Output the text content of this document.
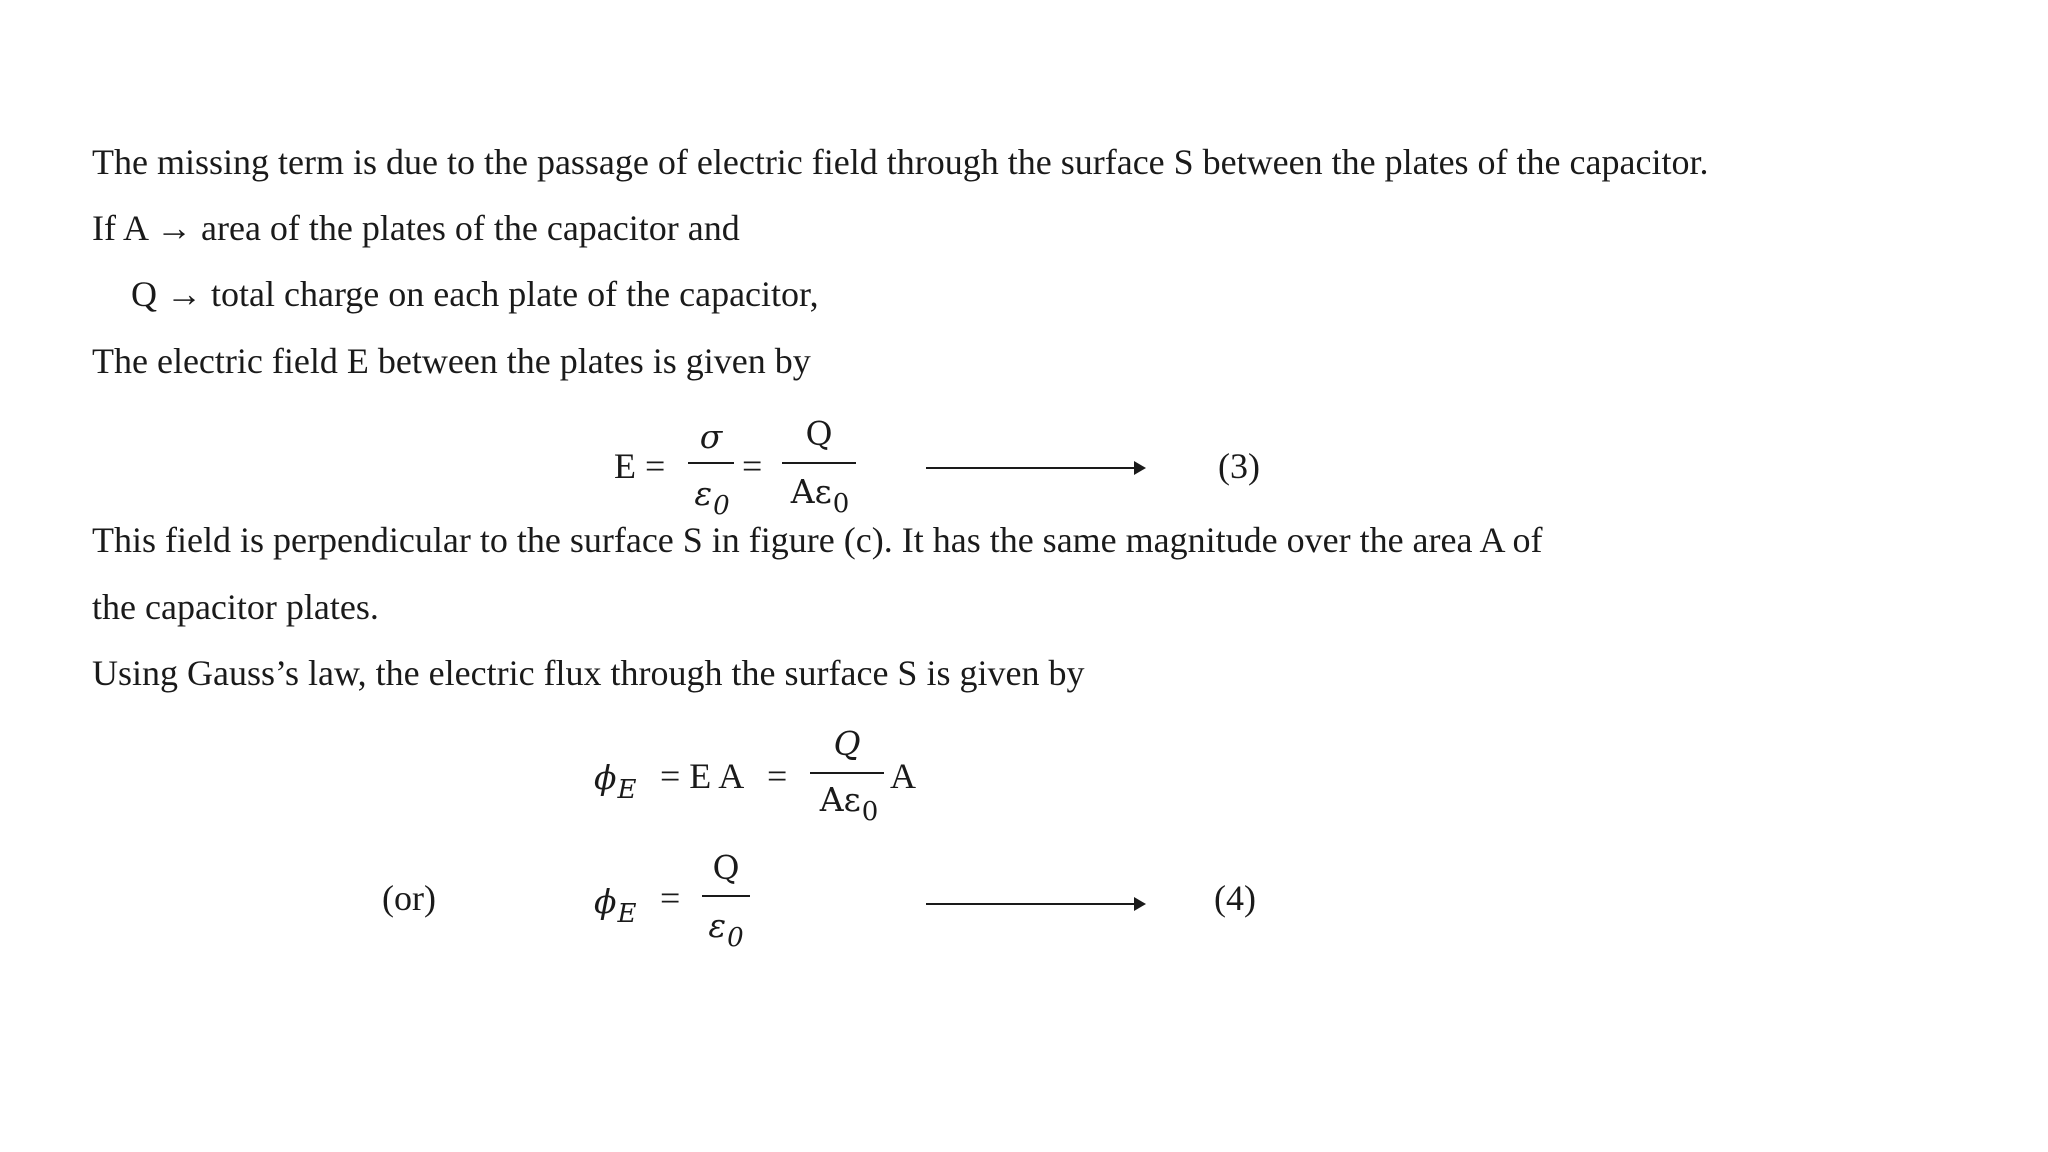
The missing term is due to the passage of electric field through the surface S between the plates of the capacitor.
If A → area of the plates of the capacitor and
Q → total charge on each plate of the capacitor,
The electric field E between the plates is given by
E =
σ
$\varepsilon_0$
=
Q
$A\varepsilon_0$
(3)
This field is perpendicular to the surface S in figure (c). It has the same magnitude over the area A of
the capacitor plates.
Using Gauss’s law, the electric flux through the surface S is given by
$\phi_E = E$ A =
Q
$A\varepsilon_0$
A
(or)	$\phi_E$ =
Q
$\varepsilon_0$
(4)
